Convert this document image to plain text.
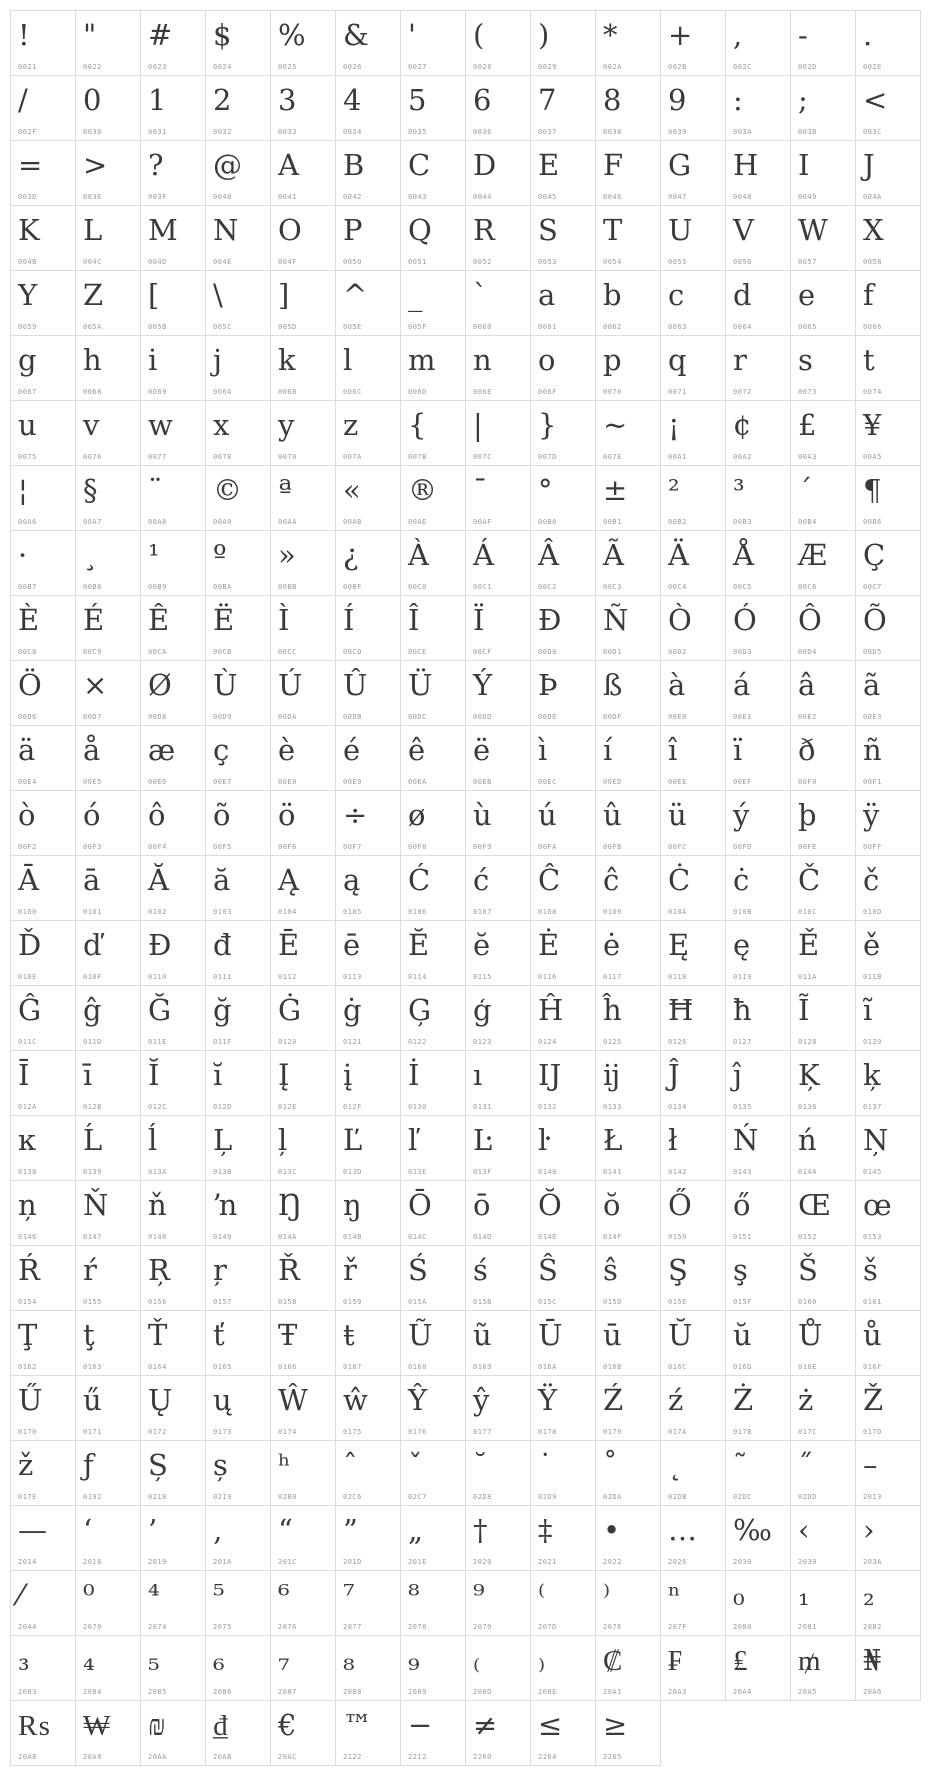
!
0021
"
0022
#
0023
$
0024
%
0025
&
0026
'
0027
(
0028
)
0029
*
002A
+
002B
,
002C
-
002D
.
002E
/
002F
0
0030
1
0031
2
0032
3
0033
4
0034
5
0035
6
0036
7
0037
8
0038
9
0039
:
003A
;
003B
<
003C
=
003D
>
003E
?
003F
@
0040
A
0041
B
0042
C
0043
D
0044
E
0045
F
0046
G
0047
H
0048
I
0049
J
004A
K
004B
L
004C
M
004D
N
004E
O
004F
P
0050
Q
0051
R
0052
S
0053
T
0054
U
0055
V
0056
W
0057
X
0058
Y
0059
Z
005A
[
005B
\
005C
]
005D
^
005E
_
005F
`
0060
a
0061
b
0062
c
0063
d
0064
e
0065
f
0066
g
0067
h
0068
i
0069
j
006A
k
006B
l
006C
m
006D
n
006E
o
006F
p
0070
q
0071
r
0072
s
0073
t
0074
u
0075
v
0076
w
0077
x
0078
y
0079
z
007A
{
007B
|
007C
}
007D
~
007E
¡
00A1
¢
00A2
£
00A3
¥
00A5
¦
00A6
§
00A7
¨
00A8
©
00A9
ª
00AA
«
00AB
®
00AE
¯
00AF
°
00B0
±
00B1
²
00B2
³
00B3
´
00B4
¶
00B6
·
00B7
¸
00B8
¹
00B9
º
00BA
»
00BB
¿
00BF
À
00C0
Á
00C1
Â
00C2
Ã
00C3
Ä
00C4
Å
00C5
Æ
00C6
Ç
00C7
È
00C8
É
00C9
Ê
00CA
Ë
00CB
Ì
00CC
Í
00CD
Î
00CE
Ï
00CF
Ð
00D0
Ñ
00D1
Ò
00D2
Ó
00D3
Ô
00D4
Õ
00D5
Ö
00D6
×
00D7
Ø
00D8
Ù
00D9
Ú
00DA
Û
00DB
Ü
00DC
Ý
00DD
Þ
00DE
ß
00DF
à
00E0
á
00E1
â
00E2
ã
00E3
ä
00E4
å
00E5
æ
00E6
ç
00E7
è
00E8
é
00E9
ê
00EA
ë
00EB
ì
00EC
í
00ED
î
00EE
ï
00EF
ð
00F0
ñ
00F1
ò
00F2
ó
00F3
ô
00F4
õ
00F5
ö
00F6
÷
00F7
ø
00F8
ù
00F9
ú
00FA
û
00FB
ü
00FC
ý
00FD
þ
00FE
ÿ
00FF
Ā
0100
ā
0101
Ă
0102
ă
0103
Ą
0104
ą
0105
Ć
0106
ć
0107
Ĉ
0108
ĉ
0109
Ċ
010A
ċ
010B
Č
010C
č
010D
Ď
010E
ď
010F
Đ
0110
đ
0111
Ē
0112
ē
0113
Ĕ
0114
ĕ
0115
Ė
0116
ė
0117
Ę
0118
ę
0119
Ě
011A
ě
011B
Ĝ
011C
ĝ
011D
Ğ
011E
ğ
011F
Ġ
0120
ġ
0121
Ģ
0122
ģ
0123
Ĥ
0124
ĥ
0125
Ħ
0126
ħ
0127
Ĩ
0128
ĩ
0129
Ī
012A
ī
012B
Ĭ
012C
ĭ
012D
Į
012E
į
012F
İ
0130
ı
0131
Ĳ
0132
ĳ
0133
Ĵ
0134
ĵ
0135
Ķ
0136
ķ
0137
ĸ
0138
Ĺ
0139
ĺ
013A
Ļ
013B
ļ
013C
Ľ
013D
ľ
013E
Ŀ
013F
ŀ
0140
Ł
0141
ł
0142
Ń
0143
ń
0144
Ņ
0145
ņ
0146
Ň
0147
ň
0148
ŉ
0149
Ŋ
014A
ŋ
014B
Ō
014C
ō
014D
Ŏ
014E
ŏ
014F
Ő
0150
ő
0151
Œ
0152
œ
0153
Ŕ
0154
ŕ
0155
Ŗ
0156
ŗ
0157
Ř
0158
ř
0159
Ś
015A
ś
015B
Ŝ
015C
ŝ
015D
Ş
015E
ş
015F
Š
0160
š
0161
Ţ
0162
ţ
0163
Ť
0164
ť
0165
Ŧ
0166
ŧ
0167
Ũ
0168
ũ
0169
Ū
016A
ū
016B
Ŭ
016C
ŭ
016D
Ů
016E
ů
016F
Ű
0170
ű
0171
Ų
0172
ų
0173
Ŵ
0174
ŵ
0175
Ŷ
0176
ŷ
0177
Ÿ
0178
Ź
0179
ź
017A
Ż
017B
ż
017C
Ž
017D
ž
017E
ƒ
0192
Ș
0218
ș
0219
ʰ
02B0
ˆ
02C6
ˇ
02C7
˘
02D8
˙
02D9
˚
02DA
˛
02DB
˜
02DC
˝
02DD
–
2013
—
2014
‘
2018
’
2019
‚
201A
“
201C
”
201D
„
201E
†
2020
‡
2021
•
2022
…
2026
‰
2030
‹
2039
›
203A
⁄
2044
⁰
2070
⁴
2074
⁵
2075
⁶
2076
⁷
2077
⁸
2078
⁹
2079
⁽
207D
⁾
207E
ⁿ
207F
₀
2080
₁
2081
₂
2082
₃
2083
₄
2084
₅
2085
₆
2086
₇
2087
₈
2088
₉
2089
₍
208D
₎
208E
₡
20A1
₣
20A3
₤
20A4
₥
20A5
₦
20A6
₨
20A8
₩
20A9
₪
20AA
₫
20AB
€
20AC
™
2122
−
2212
≠
2260
≤
2264
≥
2265
